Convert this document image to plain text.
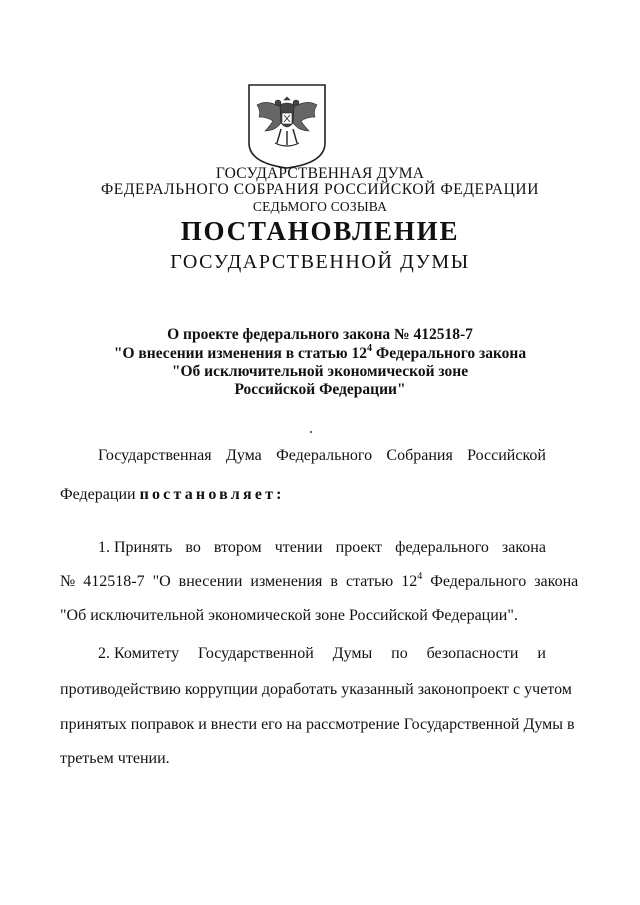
ГОСУДАРСТВЕННАЯ ДУМА
ФЕДЕРАЛЬНОГО СОБРАНИЯ РОССИЙСКОЙ ФЕДЕРАЦИИ
СЕДЬМОГО СОЗЫВА
ПОСТАНОВЛЕНИЕ
ГОСУДАРСТВЕННОЙ ДУМЫ
О проекте федерального закона № 412518-7
"О внесении изменения в статью $12^4$ Федерального закона
"Об исключительной экономической зоне
Российской Федерации"
Государственная Дума Федерального Собрания Российской
Федерации постановляет:
1. Принять во втором чтении проект федерального закона
№ 412518-7 "О внесении изменения в статью $12^4$ Федерального закона
"Об исключительной экономической зоне Российской Федерации".
2. Комитету Государственной Думы по безопасности и
противодействию коррупции доработать указанный законопроект с учетом
принятых поправок и внести его на рассмотрение Государственной Думы в
третьем чтении.
